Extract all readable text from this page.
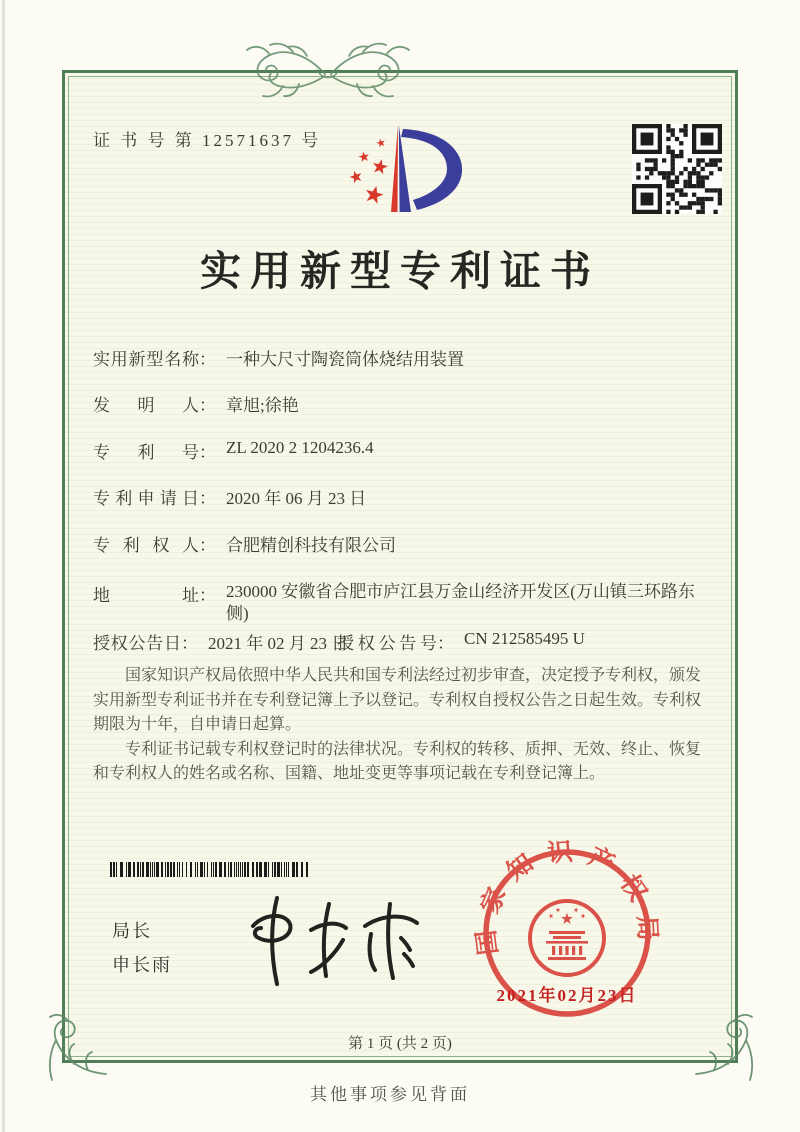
证 书 号 第 12571637 号
实用新型专利证书
实用新型名称： 一种大尺寸陶瓷筒体烧结用装置
发明人： 章旭;徐艳
专利号： ZL 2020 2 1204236.4
专利申请日： 2020 年 06 月 23 日
专利权人： 合肥精创科技有限公司
地址： 230000 安徽省合肥市庐江县万金山经济开发区(万山镇三环路东侧)
授权公告日： 2021 年 02 月 23 日
授权公告号： CN 212585495 U

国家知识产权局依照中华人民共和国专利法经过初步审查，决定授予专利权，颁发实用新型专利证书并在专利登记簿上予以登记。专利权自授权公告之日起生效。专利权期限为十年，自申请日起算。

专利证书记载专利权登记时的法律状况。专利权的转移、质押、无效、终止、恢复和专利权人的姓名或名称、国籍、地址变更等事项记载在专利登记簿上。

局长
申长雨
国家知识产权局
2021年02月23日
第 1 页 (共 2 页)
其他事项参见背面
